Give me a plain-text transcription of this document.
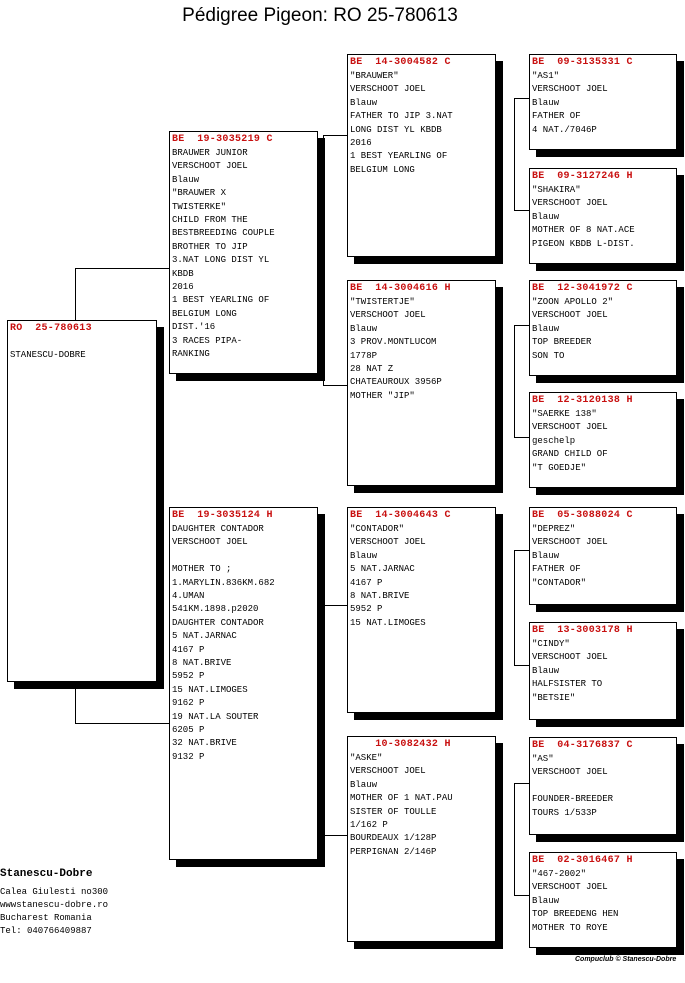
Pédigree Pigeon: RO 25-780613
RO  25-780613
STANESCU-DOBRE
BE  19-3035219 C
BRAUWER JUNIOR
VERSCHOOT JOEL
Blauw
"BRAUWER X
TWISTERKE"
CHILD FROM THE
BESTBREEDING COUPLE
BROTHER TO JIP
3.NAT LONG DIST YL
KBDB
2016
1 BEST YEARLING OF
BELGIUM LONG
DIST.'16
3 RACES PIPA-
RANKING
BE  19-3035124 H
DAUGHTER CONTADOR
VERSCHOOT JOEL
MOTHER TO ;
1.MARYLIN.836KM.682
4.UMAN
541KM.1898.p2020
DAUGHTER CONTADOR
5 NAT.JARNAC
4167 P
8 NAT.BRIVE
5952 P
15 NAT.LIMOGES
9162 P
19 NAT.LA SOUTER
6205 P
32 NAT.BRIVE
9132 P
BE  14-3004582 C
"BRAUWER"
VERSCHOOT JOEL
Blauw
FATHER TO JIP 3.NAT
LONG DIST YL KBDB
2016
1 BEST YEARLING OF
BELGIUM LONG
BE  14-3004616 H
"TWISTERTJE"
VERSCHOOT JOEL
Blauw
3 PROV.MONTLUCOM
1778P
28 NAT Z
CHATEAUROUX 3956P
MOTHER "JIP"
BE  14-3004643 C
"CONTADOR"
VERSCHOOT JOEL
Blauw
5 NAT.JARNAC
4167 P
8 NAT.BRIVE
5952 P
15 NAT.LIMOGES
10-3082432 H
"ASKE"
VERSCHOOT JOEL
Blauw
MOTHER OF 1 NAT.PAU
SISTER OF TOULLE
1/162 P
BOURDEAUX 1/128P
PERPIGNAN 2/146P
BE  09-3135331 C
"AS1"
VERSCHOOT JOEL
Blauw
FATHER OF
4 NAT./7046P
BE  09-3127246 H
"SHAKIRA"
VERSCHOOT JOEL
Blauw
MOTHER OF 8 NAT.ACE
PIGEON KBDB L-DIST.
BE  12-3041972 C
"ZOON APOLLO 2"
VERSCHOOT JOEL
Blauw
TOP BREEDER
SON TO
BE  12-3120138 H
"SAERKE 138"
VERSCHOOT JOEL
geschelp
GRAND CHILD OF
"T GOEDJE"
BE  05-3088024 C
"DEPREZ"
VERSCHOOT JOEL
Blauw
FATHER OF
"CONTADOR"
BE  13-3003178 H
"CINDY"
VERSCHOOT JOEL
Blauw
HALFSISTER TO
"BETSIE"
BE  04-3176837 C
"AS"
VERSCHOOT JOEL
FOUNDER-BREEDER
TOURS 1/533P
BE  02-3016467 H
"467-2002"
VERSCHOOT JOEL
Blauw
TOP BREEDENG HEN
MOTHER TO ROYE
Stanescu-Dobre
Calea Giulesti no300
wwwstanescu-dobre.ro
Bucharest Romania
Tel: 040766409887
Compuclub © Stanescu-Dobre
